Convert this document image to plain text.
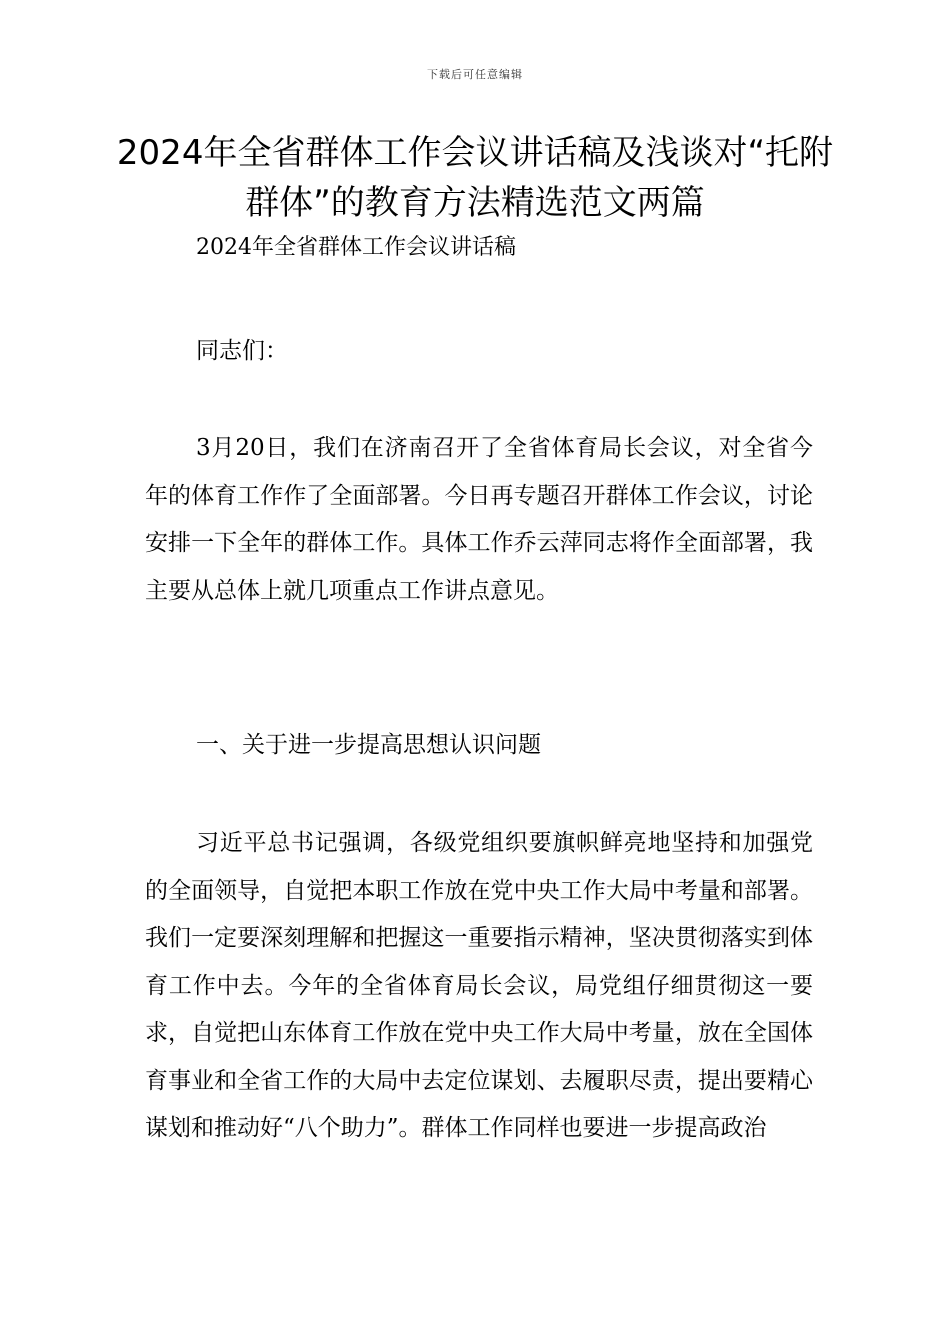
下载后可任意编辑
2024年全省群体工作会议讲话稿及浅谈对“托附群体”的教育方法精选范文两篇

2024年全省群体工作会议讲话稿

同志们：

3月20日，我们在济南召开了全省体育局长会议，对全省今年的体育工作作了全面部署。今日再专题召开群体工作会议，讨论安排一下全年的群体工作。具体工作乔云萍同志将作全面部署，我主要从总体上就几项重点工作讲点意见。

一、关于进一步提高思想认识问题

习近平总书记强调，各级党组织要旗帜鲜亮地坚持和加强党的全面领导，自觉把本职工作放在党中央工作大局中考量和部署。我们一定要深刻理解和把握这一重要指示精神，坚决贯彻落实到体育工作中去。今年的全省体育局长会议，局党组仔细贯彻这一要求，自觉把山东体育工作放在党中央工作大局中考量，放在全国体育事业和全省工作的大局中去定位谋划、去履职尽责，提出要精心谋划和推动好“八个助力”。群体工作同样也要进一步提高政治
